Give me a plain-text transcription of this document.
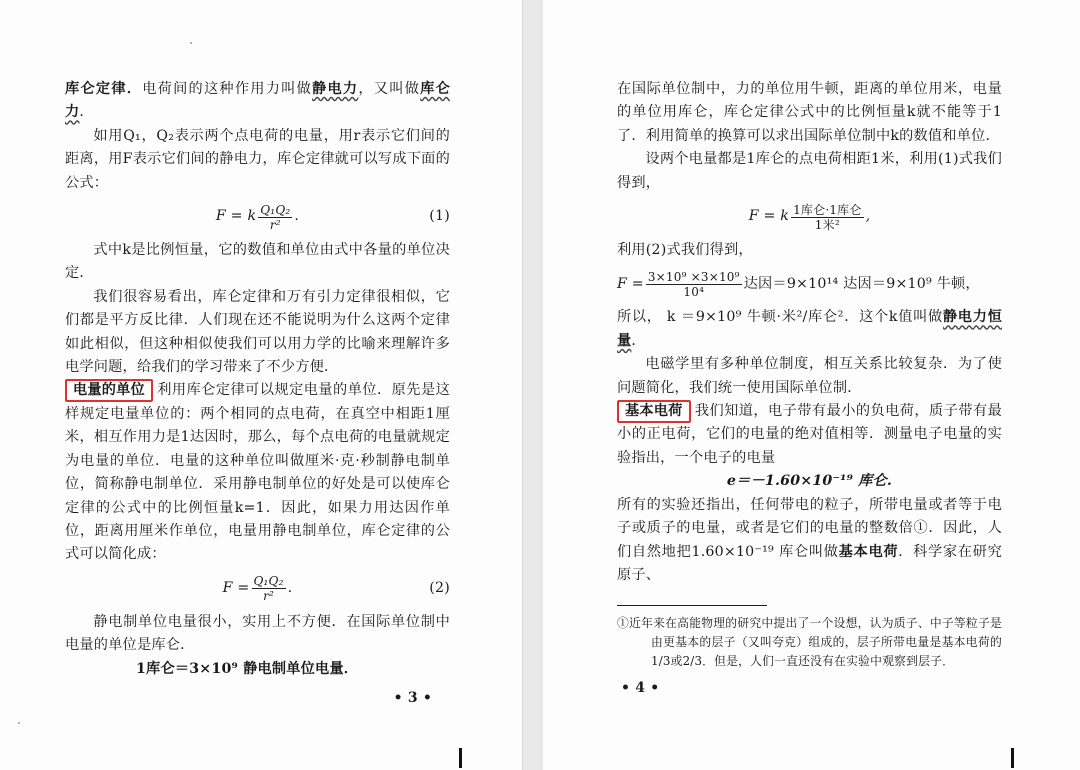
库仑定律．电荷间的这种作用力叫做静电力，又叫做库仑力．

如用Q₁，Q₂表示两个点电荷的电量，用r表示它们间的距离，用F表示它们间的静电力，库仑定律就可以写成下面的公式：

F = k $\frac{\text{Q₁Q₂}}{\text{r²}}$ .	(1)

式中k是比例恒量，它的数值和单位由式中各量的单位决定．

我们很容易看出，库仑定律和万有引力定律很相似，它们都是平方反比律．人们现在还不能说明为什么这两个定律如此相似，但这种相似使我们可以用力学的比喻来理解许多电学问题，给我们的学习带来了不少方便．

电量的单位 利用库仑定律可以规定电量的单位．原先是这样规定电量单位的：两个相同的点电荷，在真空中相距1厘米，相互作用力是1达因时，那么，每个点电荷的电量就规定为电量的单位．电量的这种单位叫做厘米·克·秒制静电制单位，简称静电制单位．采用静电制单位的好处是可以使库仑定律的公式中的比例恒量k=1．因此，如果力用达因作单位，距离用厘米作单位，电量用静电制单位，库仑定律的公式可以简化成：

$F = \frac{\text{Q₁Q₂}}{\text{r²}}$ .	(2)

静电制单位电量很小，实用上不方便．在国际单位制中电量的单位是库仑．

1库仑＝3×10⁹ 静电制单位电量．

• 3 •

在国际单位制中，力的单位用牛顿，距离的单位用米，电量的单位用库仑，库仑定律公式中的比例恒量k就不能等于1了．利用简单的换算可以求出国际单位制中k的数值和单位．

设两个电量都是1库仑的点电荷相距1米，利用(1)式我们得到，

F = k $\frac{\text{1库仑·1库仑}}{\text{1米²}}$ ,

利用(2)式我们得到，

$F = \frac{\text{3×10⁹ ×3×10⁹}}{\text{10⁴}}$ 达因＝9×10¹⁴ 达因＝9×10⁹ 牛顿，

所以， k ＝9×10⁹ 牛顿·米²/库仑²．这个k值叫做静电力恒量．

电磁学里有多种单位制度，相互关系比较复杂．为了使问题简化，我们统一使用国际单位制．

基本电荷 我们知道，电子带有最小的负电荷，质子带有最小的正电荷，它们的电量的绝对值相等．测量电子电量的实验指出，一个电子的电量

e＝－1.60×10⁻¹⁹ 库仑.

所有的实验还指出，任何带电的粒子，所带电量或者等于电子或质子的电量，或者是它们的电量的整数倍①．因此，人们自然地把1.60×10⁻¹⁹ 库仑叫做基本电荷．科学家在研究原子、

①近年来在高能物理的研究中提出了一个设想，认为质子、中子等粒子是由更基本的层子（又叫夸克）组成的，层子所带电量是基本电荷的1/3或2/3．但是，人们一直还没有在实验中观察到层子．
• 4 •
